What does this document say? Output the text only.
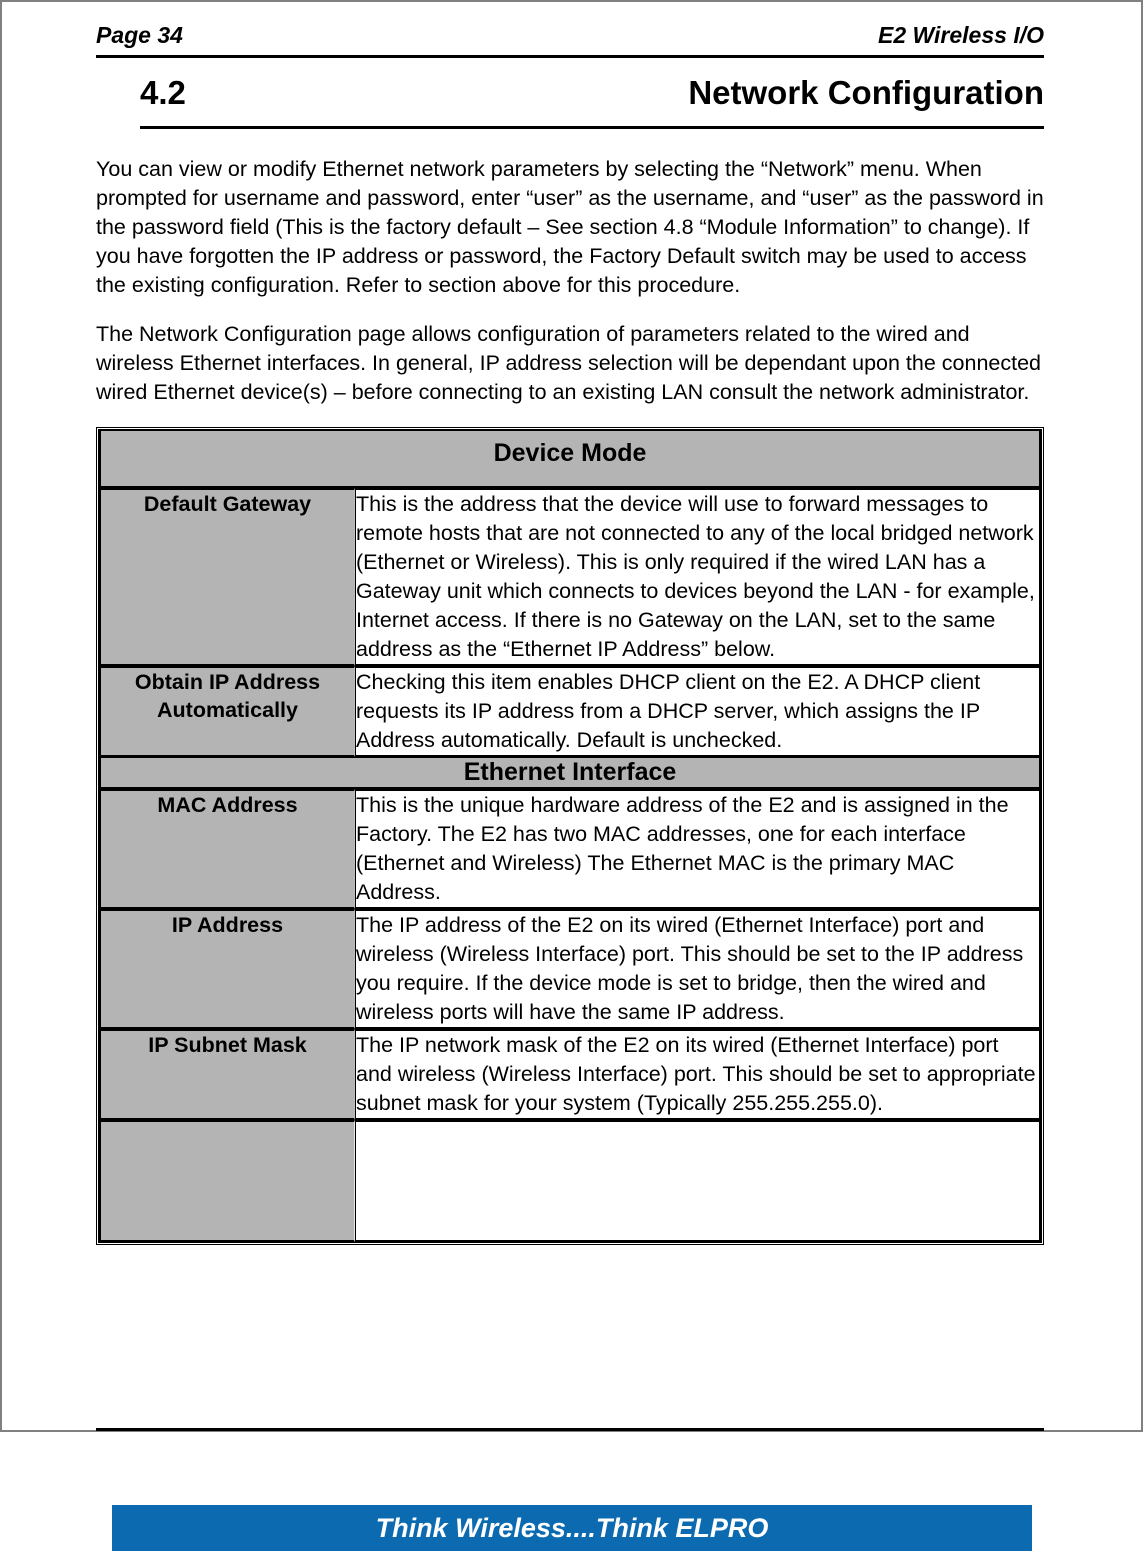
Page 34	E2 Wireless I/O
4.2	Network Configuration

You can view or modify Ethernet network parameters by selecting the “Network” menu. When prompted for username and password, enter “user” as the username, and “user” as the password in the password field (This is the factory default – See section 4.8 “Module Information” to change). If you have forgotten the IP address or password, the Factory Default switch may be used to access the existing configuration. Refer to section above for this procedure.

The Network Configuration page allows configuration of parameters related to the wired and wireless Ethernet interfaces. In general, IP address selection will be dependant upon the connected wired Ethernet device(s) – before connecting to an existing LAN consult the network administrator.

Device Mode	
Default Gateway	This is the address that the device will use to forward messages to remote hosts that are not connected to any of the local bridged network (Ethernet or Wireless). This is only required if the wired LAN has a Gateway unit which connects to devices beyond the LAN - for example, Internet access. If there is no Gateway on the LAN, set to the same address as the “Ethernet IP Address” below.
Obtain IP Address Automatically	Checking this item enables DHCP client on the E2. A DHCP client requests its IP address from a DHCP server, which assigns the IP Address automatically. Default is unchecked.
Ethernet Interface	
MAC Address	This is the unique hardware address of the E2 and is assigned in the Factory. The E2 has two MAC addresses, one for each interface (Ethernet and Wireless) The Ethernet MAC is the primary MAC Address.
IP Address	The IP address of the E2 on its wired (Ethernet Interface) port and wireless (Wireless Interface) port. This should be set to the IP address you require. If the device mode is set to bridge, then the wired and wireless ports will have the same IP address.
IP Subnet Mask	The IP network mask of the E2 on its wired (Ethernet Interface) port and wireless (Wireless Interface) port. This should be set to appropriate subnet mask for your system (Typically 255.255.255.0).

Think Wireless....Think ELPRO
